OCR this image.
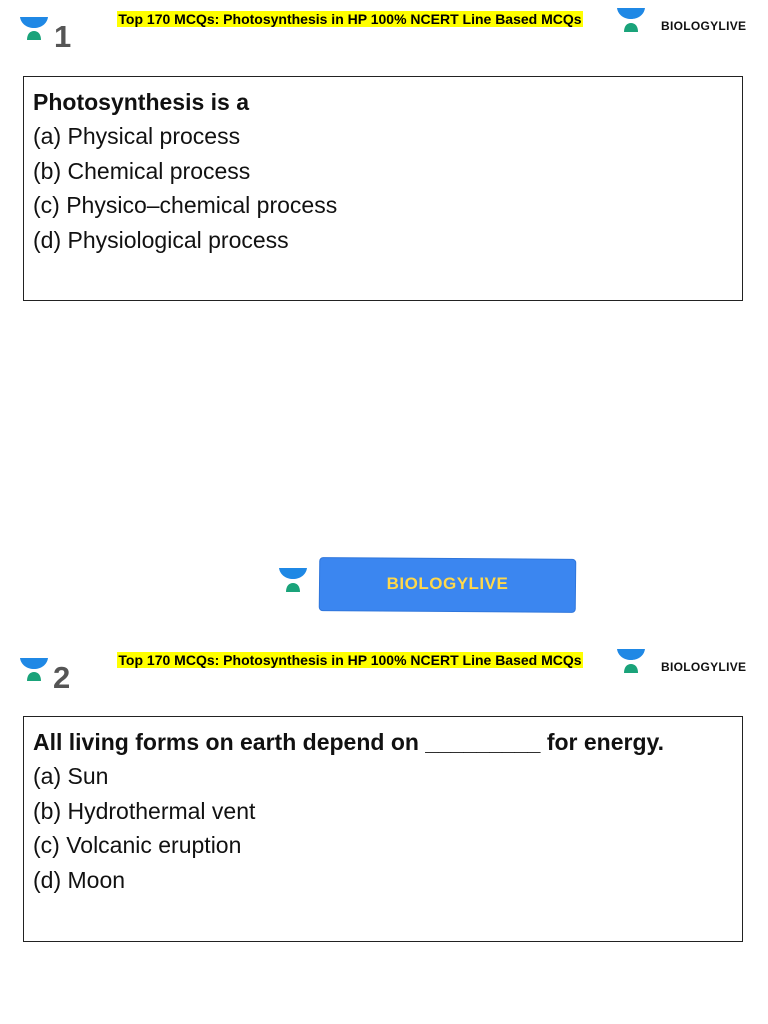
1	Top 170 MCQs: Photosynthesis in HP 100% NCERT Line Based MCQs	BIOLOGYLIVE

Photosynthesis is a

(a) Physical process

(b) Chemical process

(c) Physico–chemical process

(d) Physiological process

BIOLOGYLIVE
2	Top 170 MCQs: Photosynthesis in HP 100% NCERT Line Based MCQs	BIOLOGYLIVE

All living forms on earth depend on _________ for energy.

(a) Sun

(b) Hydrothermal vent

(c) Volcanic eruption

(d) Moon
